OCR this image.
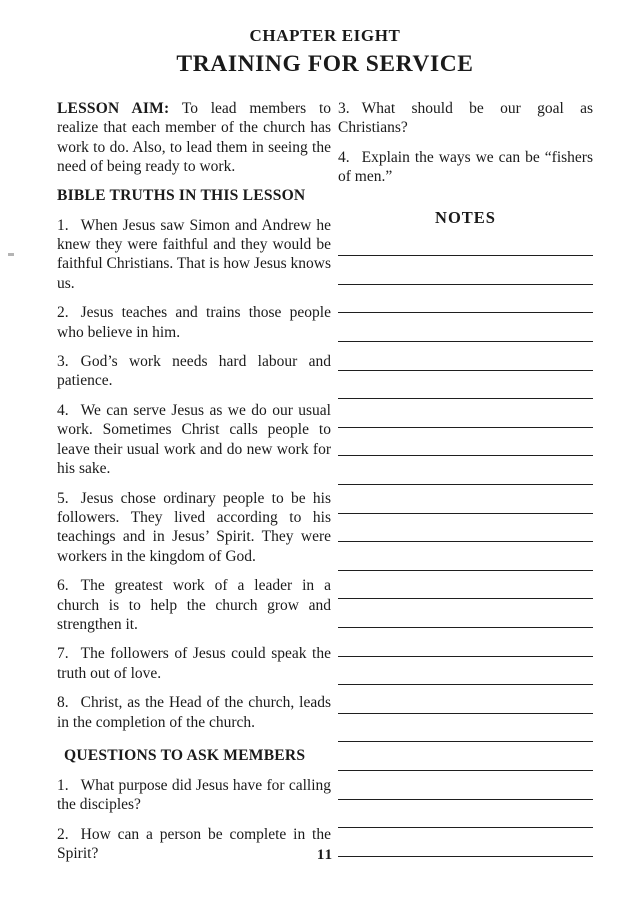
CHAPTER EIGHT
TRAINING FOR SERVICE

LESSON AIM: To lead members to realize that each member of the church has work to do. Also, to lead them in seeing the need of being ready to work.

BIBLE TRUTHS IN THIS LESSON

1. When Jesus saw Simon and Andrew he knew they were faithful and they would be faithful Christians. That is how Jesus knows us.

2. Jesus teaches and trains those people who believe in him.

3. God’s work needs hard labour and patience.

4. We can serve Jesus as we do our usual work. Sometimes Christ calls people to leave their usual work and do new work for his sake.

5. Jesus chose ordinary people to be his followers. They lived according to his teachings and in Jesus’ Spirit. They were workers in the kingdom of God.

6. The greatest work of a leader in a church is to help the church grow and strengthen it.

7. The followers of Jesus could speak the truth out of love.

8. Christ, as the Head of the church, leads in the completion of the church.

QUESTIONS TO ASK MEMBERS

1. What purpose did Jesus have for calling the disciples?

2. How can a person be complete in the Spirit?

3. What should be our goal as Christians?

4. Explain the ways we can be “fishers of men.”

NOTES
11
